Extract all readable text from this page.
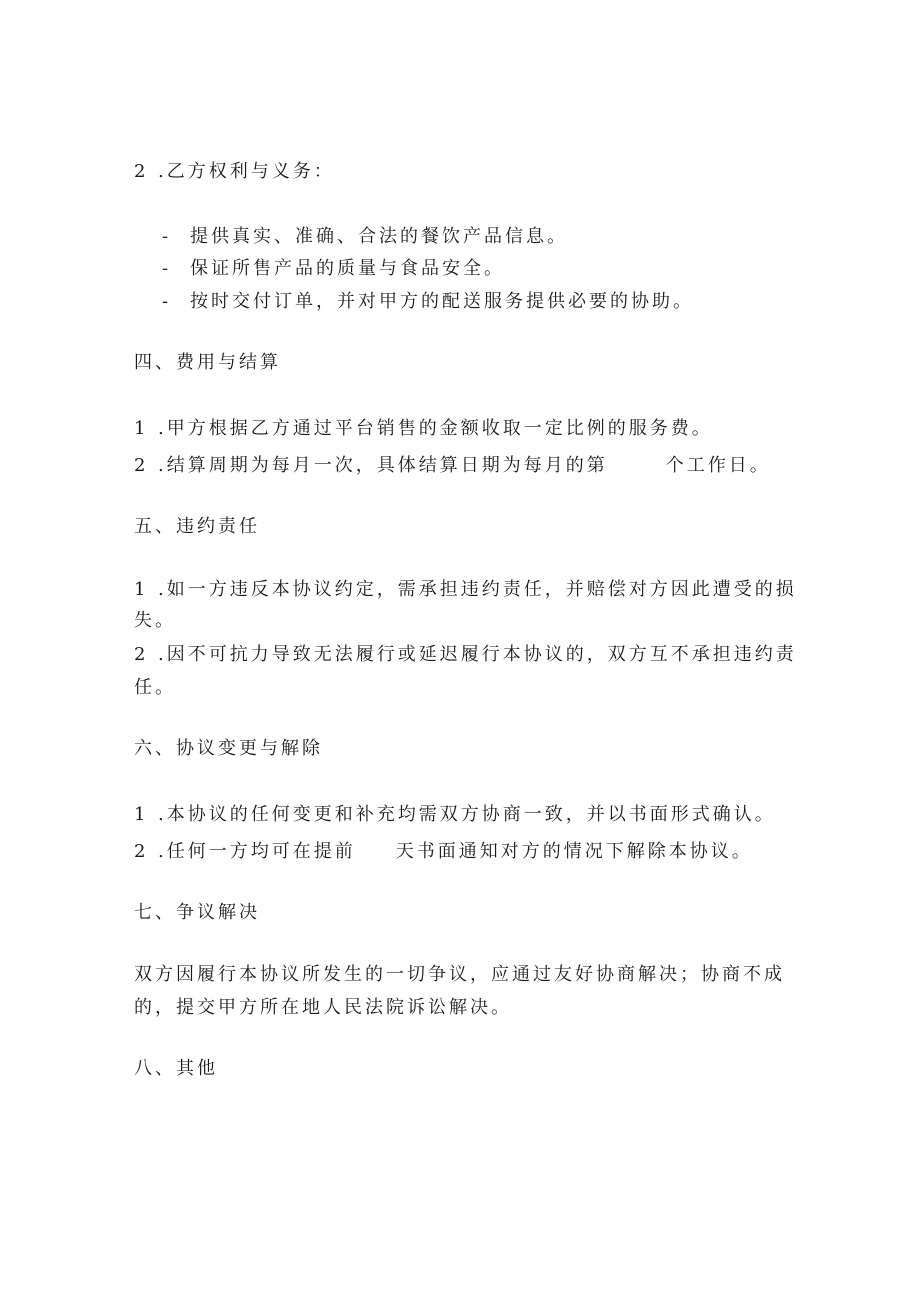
2 .乙方权利与义务：
- 提供真实、准确、合法的餐饮产品信息。
- 保证所售产品的质量与食品安全。
- 按时交付订单，并对甲方的配送服务提供必要的协助。
四、费用与结算
1 .甲方根据乙方通过平台销售的金额收取一定比例的服务费。
2 .结算周期为每月一次，具体结算日期为每月的第	个工作日。
五、违约责任
1 .如一方违反本协议约定，需承担违约责任，并赔偿对方因此遭受的损
失。
2 .因不可抗力导致无法履行或延迟履行本协议的，双方互不承担违约责
任。
六、协议变更与解除
1 .本协议的任何变更和补充均需双方协商一致，并以书面形式确认。
2 .任何一方均可在提前 天书面通知对方的情况下解除本协议。
七、争议解决
双方因履行本协议所发生的一切争议，应通过友好协商解决；协商不成
的，提交甲方所在地人民法院诉讼解决。
八、其他
